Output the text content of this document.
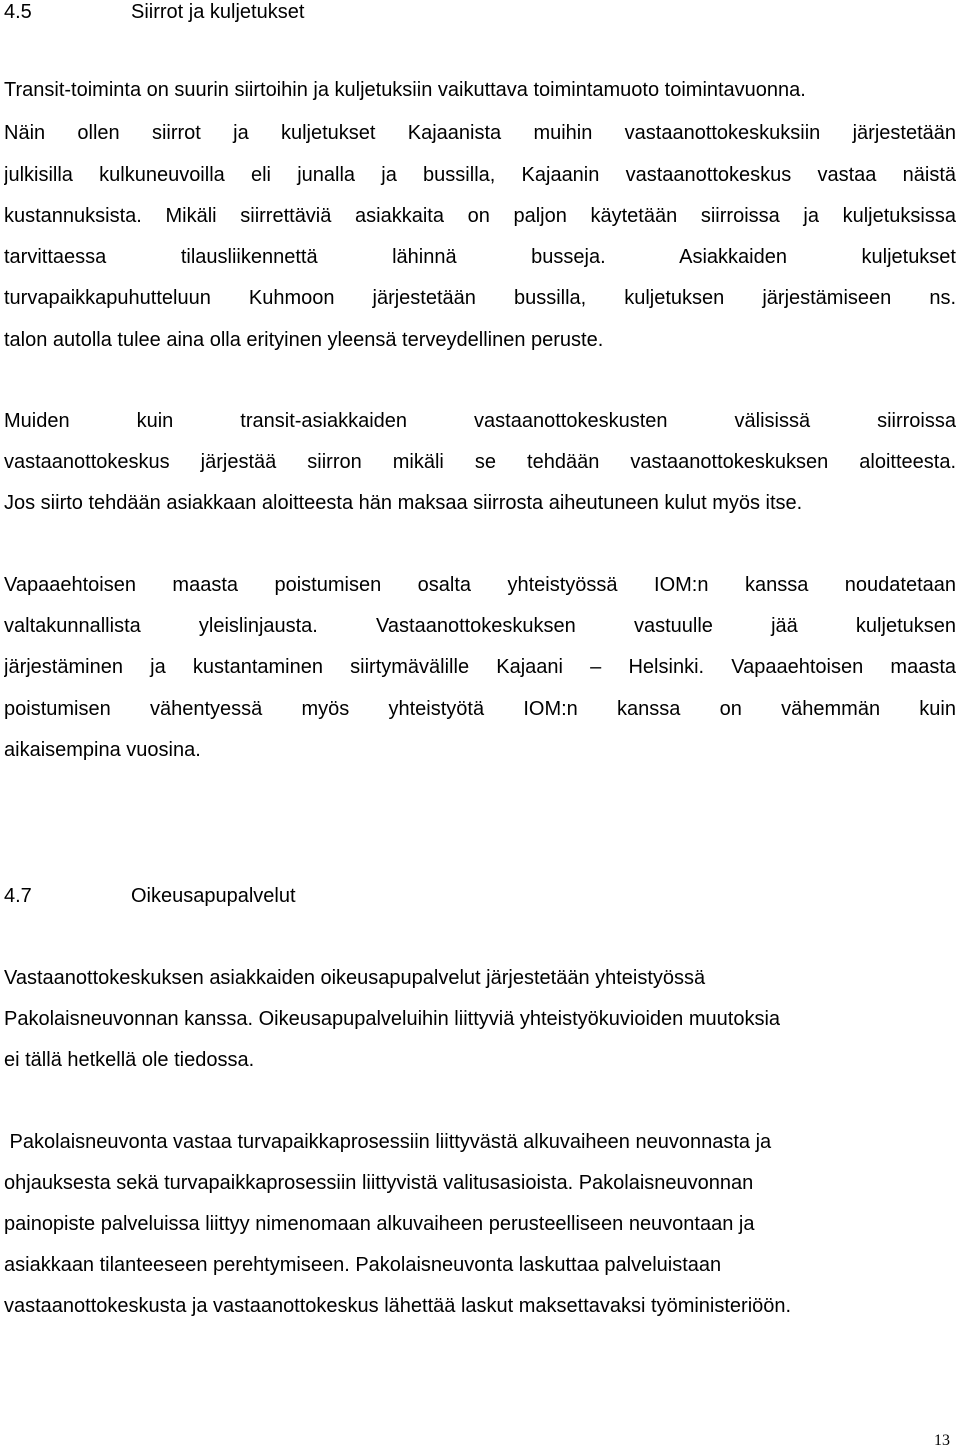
4.5	Siirrot ja kuljetukset
Transit-toiminta on suurin siirtoihin ja kuljetuksiin vaikuttava toimintamuoto toimintavuonna.
Näin ollen siirrot ja kuljetukset Kajaanista muihin vastaanottokeskuksiin järjestetään
julkisilla kulkuneuvoilla eli junalla ja bussilla, Kajaanin vastaanottokeskus vastaa näistä
kustannuksista. Mikäli siirrettäviä asiakkaita on paljon käytetään siirroissa ja kuljetuksissa
tarvittaessa tilausliikennettä lähinnä busseja. Asiakkaiden kuljetukset
turvapaikkapuhutteluun Kuhmoon järjestetään bussilla, kuljetuksen järjestämiseen ns.
talon autolla tulee aina olla erityinen yleensä terveydellinen peruste.
Muiden kuin transit-asiakkaiden vastaanottokeskusten välisissä siirroissa
vastaanottokeskus järjestää siirron mikäli se tehdään vastaanottokeskuksen aloitteesta.
Jos siirto tehdään asiakkaan aloitteesta hän maksaa siirrosta aiheutuneen kulut myös itse.
Vapaaehtoisen maasta poistumisen osalta yhteistyössä IOM:n kanssa noudatetaan
valtakunnallista yleislinjausta. Vastaanottokeskuksen vastuulle jää kuljetuksen
järjestäminen ja kustantaminen siirtymävälille Kajaani – Helsinki. Vapaaehtoisen maasta
poistumisen vähentyessä myös yhteistyötä IOM:n kanssa on vähemmän kuin
aikaisempina vuosina.
4.7	Oikeusapupalvelut
Vastaanottokeskuksen asiakkaiden oikeusapupalvelut järjestetään yhteistyössä
Pakolaisneuvonnan kanssa. Oikeusapupalveluihin liittyviä yhteistyökuvioiden muutoksia
ei tällä hetkellä ole tiedossa.
Pakolaisneuvonta vastaa turvapaikkaprosessiin liittyvästä alkuvaiheen neuvonnasta ja
ohjauksesta sekä turvapaikkaprosessiin liittyvistä valitusasioista. Pakolaisneuvonnan
painopiste palveluissa liittyy nimenomaan alkuvaiheen perusteelliseen neuvontaan ja
asiakkaan tilanteeseen perehtymiseen. Pakolaisneuvonta laskuttaa palveluistaan
vastaanottokeskusta ja vastaanottokeskus lähettää laskut maksettavaksi työministeriöön.
13
